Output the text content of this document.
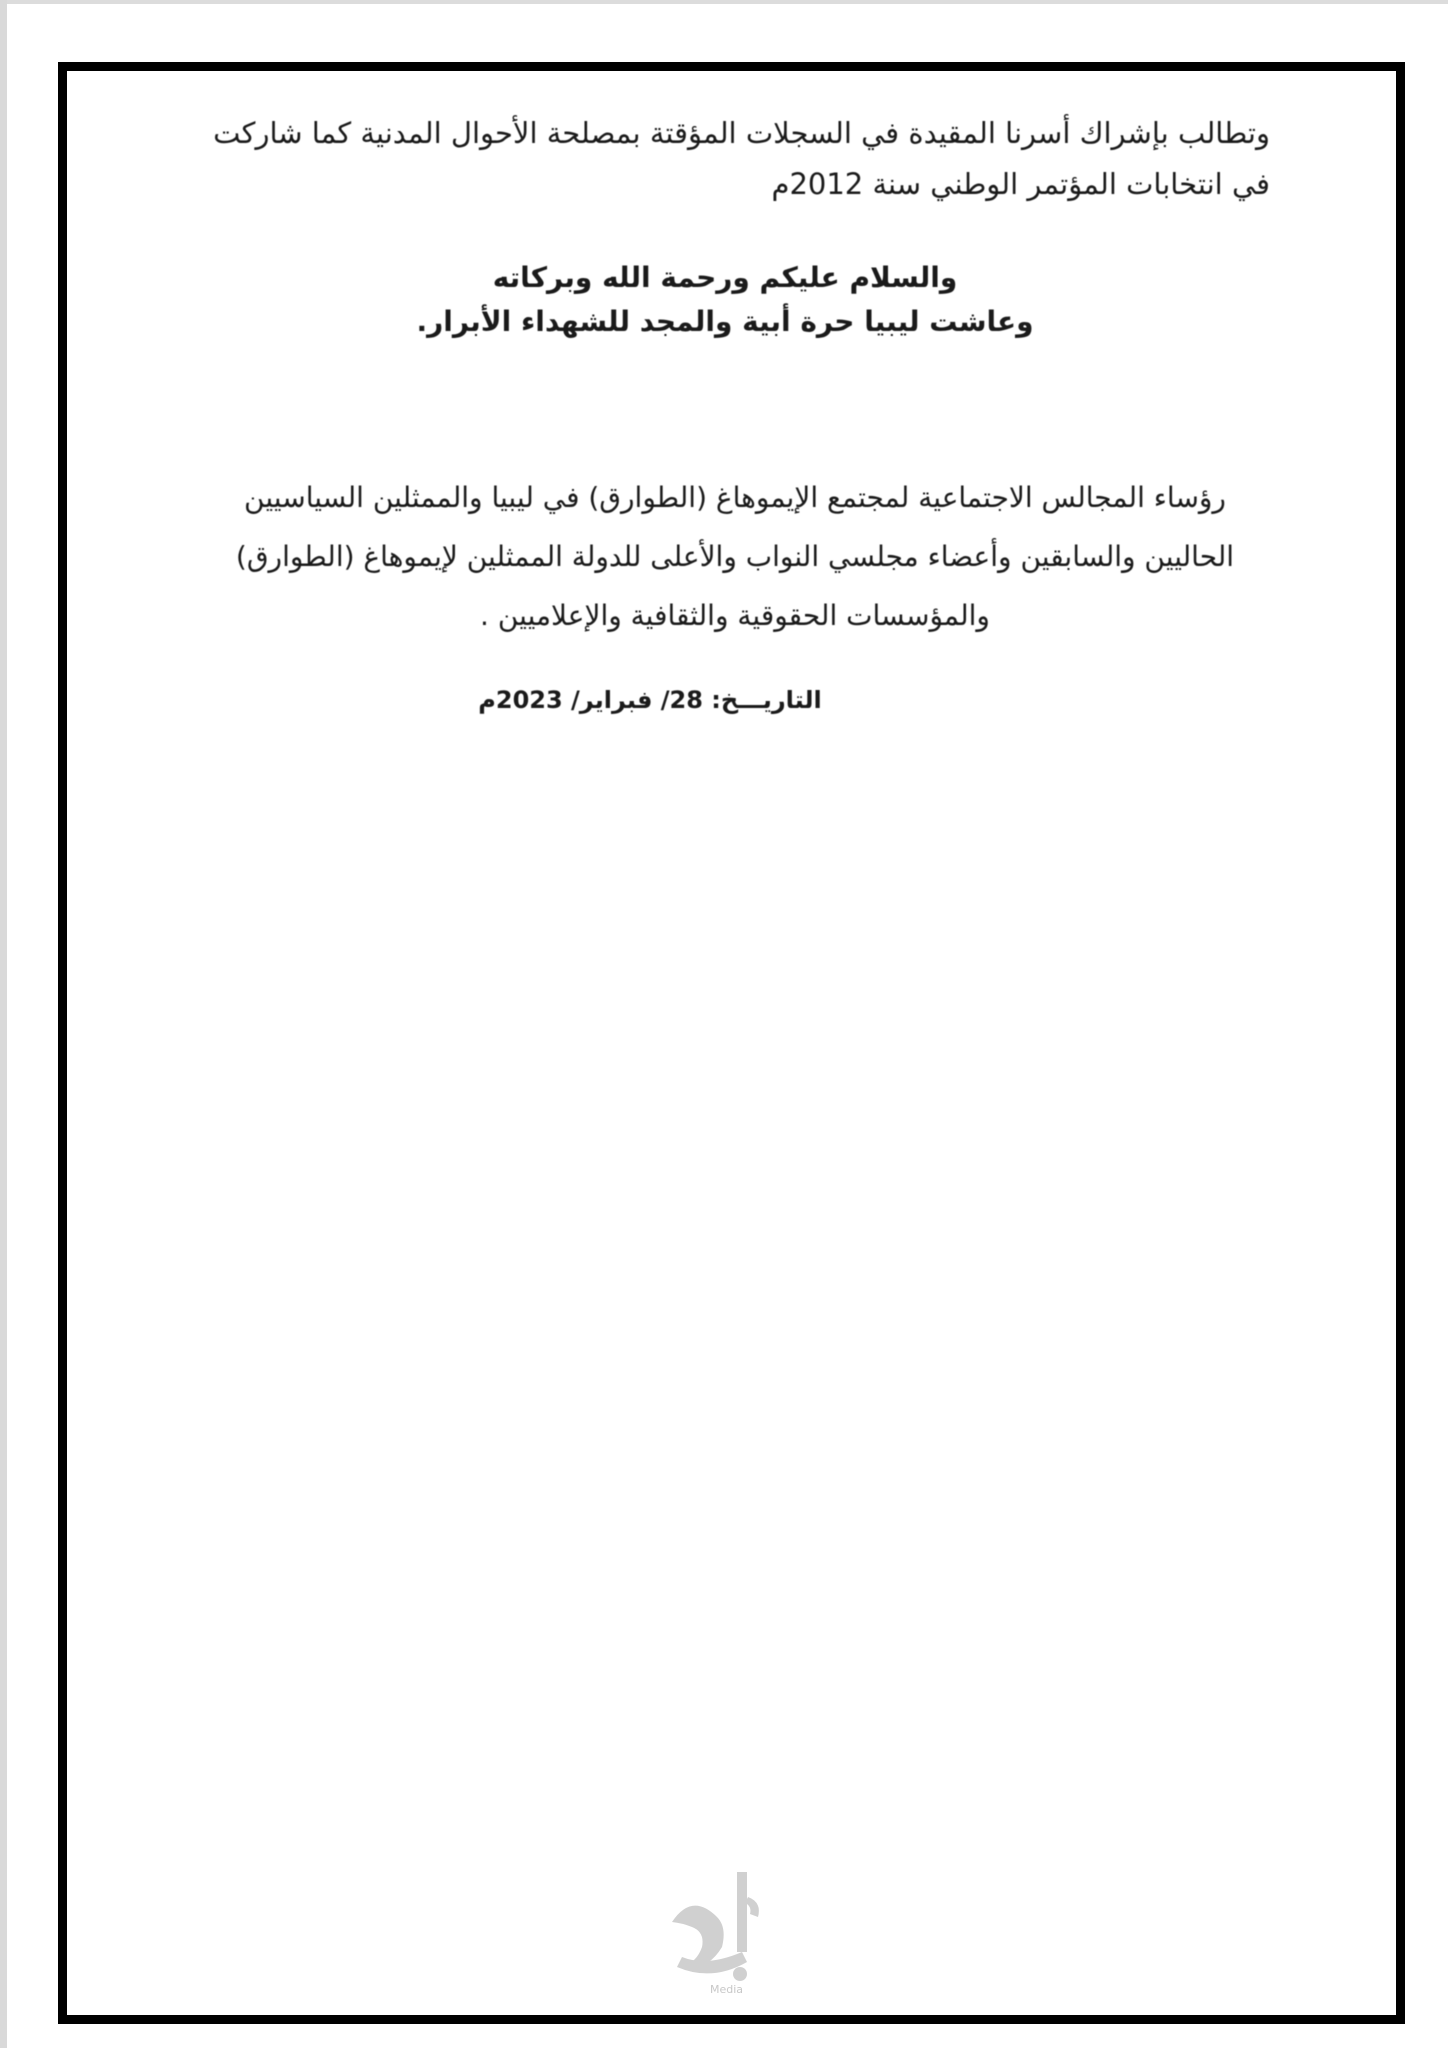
وتطالب بإشراك أسرنا المقيدة في السجلات المؤقتة بمصلحة الأحوال المدنية كما شاركت في انتخابات المؤتمر الوطني سنة 2012م
والسلام عليكم ورحمة الله وبركاته
وعاشت ليبيا حرة أبية والمجد للشهداء الأبرار.
رؤساء المجالس الاجتماعية لمجتمع الإيموهاغ (الطوارق) في ليبيا والممثلين السياسيين الحاليين والسابقين وأعضاء مجلسي النواب والأعلى للدولة الممثلين لإيموهاغ (الطوارق) والمؤسسات الحقوقية والثقافية والإعلاميين .
التاريـــخ: 28/ فبراير/ 2023م
Media
